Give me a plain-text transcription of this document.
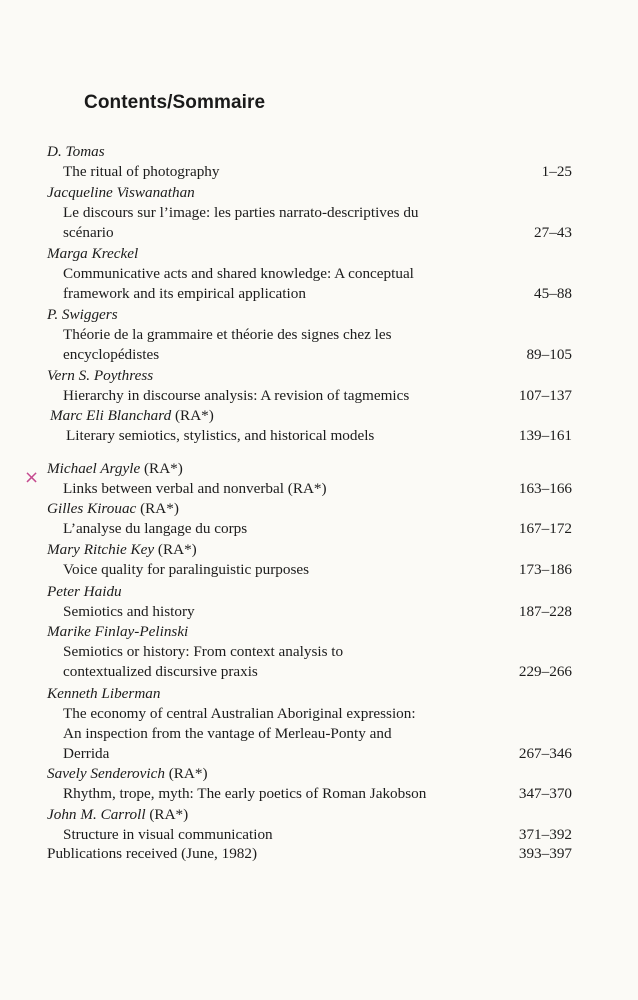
Contents/Sommaire
×
D. Tomas
The ritual of photography	1–25
Jacqueline Viswanathan
Le discours sur l’image: les parties narrato-descriptives du
scénario	27–43
Marga Kreckel
Communicative acts and shared knowledge: A conceptual
framework and its empirical application	45–88
P. Swiggers
Théorie de la grammaire et théorie des signes chez les
encyclopédistes	89–105
Vern S. Poythress
Hierarchy in discourse analysis: A revision of tagmemics	107–137
Marc Eli Blanchard (RA*)
Literary semiotics, stylistics, and historical models	139–161
Michael Argyle (RA*)
Links between verbal and nonverbal (RA*)	163–166
Gilles Kirouac (RA*)
L’analyse du langage du corps	167–172
Mary Ritchie Key (RA*)
Voice quality for paralinguistic purposes	173–186
Peter Haidu
Semiotics and history	187–228
Marike Finlay-Pelinski
Semiotics or history: From context analysis to
contextualized discursive praxis	229–266
Kenneth Liberman
The economy of central Australian Aboriginal expression:
An inspection from the vantage of Merleau-Ponty and
Derrida	267–346
Savely Senderovich (RA*)
Rhythm, trope, myth: The early poetics of Roman Jakobson	347–370
John M. Carroll (RA*)
Structure in visual communication	371–392
Publications received (June, 1982)	393–397
